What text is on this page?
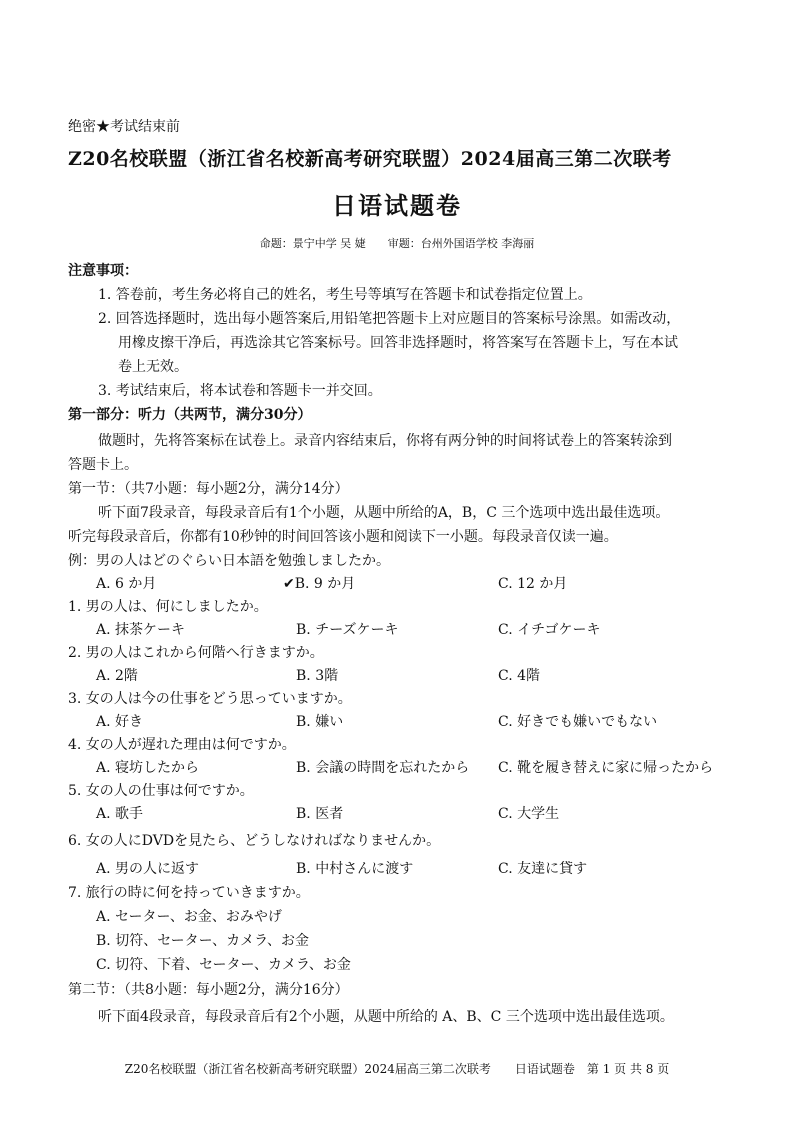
绝密★考试结束前
Z20名校联盟（浙江省名校新高考研究联盟）2024届高三第二次联考
日语试题卷
命题：景宁中学 吴 婕　　审题：台州外国语学校 李海丽
注意事项：
1. 答卷前，考生务必将自己的姓名，考生号等填写在答题卡和试卷指定位置上。
2. 回答选择题时，选出每小题答案后,用铅笔把答题卡上对应题目的答案标号涂黑。如需改动，
用橡皮擦干净后，再选涂其它答案标号。回答非选择题时，将答案写在答题卡上，写在本试
卷上无效。
3. 考试结束后，将本试卷和答题卡一并交回。
第一部分：听力（共两节，满分30分）
做题时，先将答案标在试卷上。录音内容结束后，你将有两分钟的时间将试卷上的答案转涂到
答题卡上。
第一节：（共7小题：每小题2分，满分14分）
听下面7段录音，每段录音后有1个小题，从题中所给的A，B，C 三个选项中选出最佳选项。
听完每段录音后，你都有10秒钟的时间回答该小题和阅读下一小题。每段录音仅读一遍。
例：男の人はどのぐらい日本語を勉強しましたか。
A. 6 か月	✔B. 9 か月	C. 12 か月
1. 男の人は、何にしましたか。
A. 抹茶ケーキ	B. チーズケーキ	C. イチゴケーキ
2. 男の人はこれから何階へ行きますか。
A. 2階	B. 3階	C. 4階
3. 女の人は今の仕事をどう思っていますか。
A. 好き	B. 嫌い	C. 好きでも嫌いでもない
4. 女の人が遅れた理由は何ですか。
A. 寝坊したから	B. 会議の時間を忘れたから C. 靴を履き替えに家に帰ったから
5. 女の人の仕事は何ですか。
A. 歌手	B. 医者	C. 大学生
6. 女の人にDVDを見たら、どうしなければなりませんか。
A. 男の人に返す	B. 中村さんに渡す	C. 友達に貸す
7. 旅行の時に何を持っていきますか。
A. セーター、お金、おみやげ
B. 切符、セーター、カメラ、お金
C. 切符、下着、セーター、カメラ、お金
第二节：（共8小题：每小题2分，满分16分）
听下面4段录音，每段录音后有2个小题，从题中所给的 A、B、C 三个选项中选出最佳选项。
Z20名校联盟（浙江省名校新高考研究联盟）2024届高三第二次联考　　日语试题卷　第 1 页 共 8 页
